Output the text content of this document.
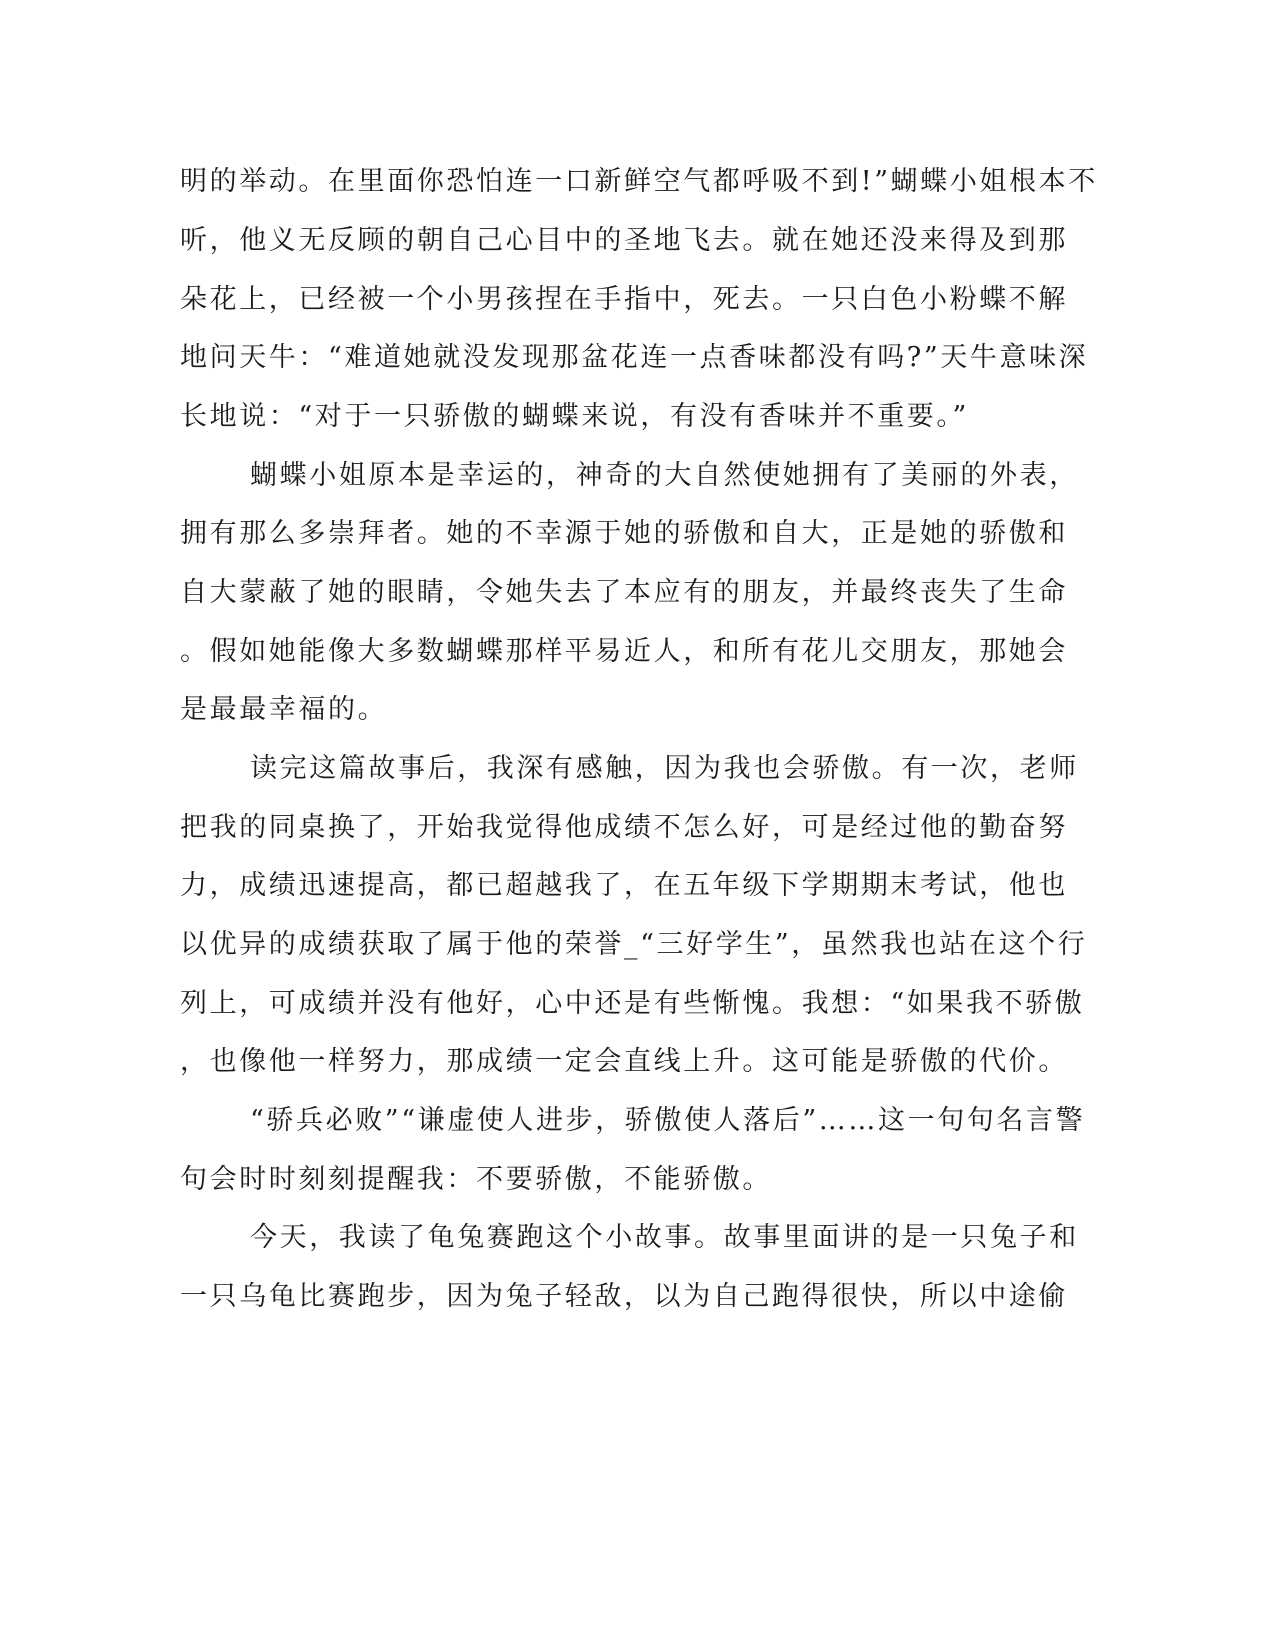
明的举动。在里面你恐怕连一口新鲜空气都呼吸不到!”蝴蝶小姐根本不
听，他义无反顾的朝自己心目中的圣地飞去。就在她还没来得及到那
朵花上，已经被一个小男孩捏在手指中，死去。一只白色小粉蝶不解
地问天牛：“难道她就没发现那盆花连一点香味都没有吗?”天牛意味深
长地说：“对于一只骄傲的蝴蝶来说，有没有香味并不重要。”
蝴蝶小姐原本是幸运的，神奇的大自然使她拥有了美丽的外表，
拥有那么多崇拜者。她的不幸源于她的骄傲和自大，正是她的骄傲和
自大蒙蔽了她的眼睛，令她失去了本应有的朋友，并最终丧失了生命
。假如她能像大多数蝴蝶那样平易近人，和所有花儿交朋友，那她会
是最最幸福的。
读完这篇故事后，我深有感触，因为我也会骄傲。有一次，老师
把我的同桌换了，开始我觉得他成绩不怎么好，可是经过他的勤奋努
力，成绩迅速提高，都已超越我了，在五年级下学期期末考试，他也
以优异的成绩获取了属于他的荣誉_“三好学生”，虽然我也站在这个行
列上，可成绩并没有他好，心中还是有些惭愧。我想：“如果我不骄傲
，也像他一样努力，那成绩一定会直线上升。这可能是骄傲的代价。
“骄兵必败”“谦虚使人进步，骄傲使人落后”……这一句句名言警
句会时时刻刻提醒我：不要骄傲，不能骄傲。
今天，我读了龟兔赛跑这个小故事。故事里面讲的是一只兔子和
一只乌龟比赛跑步，因为兔子轻敌，以为自己跑得很快，所以中途偷
